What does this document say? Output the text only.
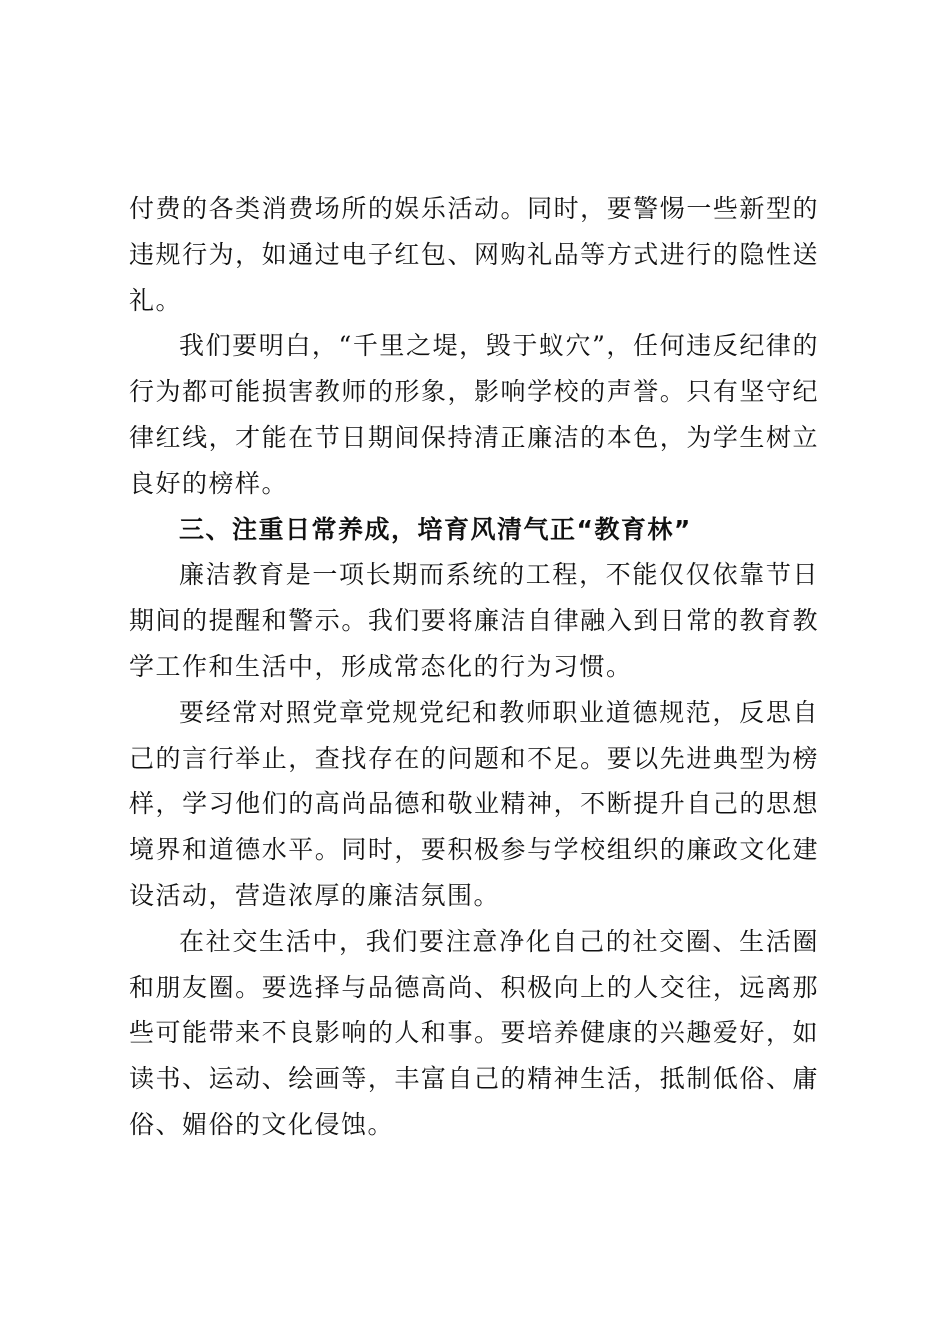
付费的各类消费场所的娱乐活动。同时，要警惕一些新型的违规行为，如通过电子红包、网购礼品等方式进行的隐性送礼。

我们要明白，“千里之堤，毁于蚁穴”，任何违反纪律的行为都可能损害教师的形象，影响学校的声誉。只有坚守纪律红线，才能在节日期间保持清正廉洁的本色，为学生树立良好的榜样。

三、注重日常养成，培育风清气正“教育林”

廉洁教育是一项长期而系统的工程，不能仅仅依靠节日期间的提醒和警示。我们要将廉洁自律融入到日常的教育教学工作和生活中，形成常态化的行为习惯。

要经常对照党章党规党纪和教师职业道德规范，反思自己的言行举止，查找存在的问题和不足。要以先进典型为榜样，学习他们的高尚品德和敬业精神，不断提升自己的思想境界和道德水平。同时，要积极参与学校组织的廉政文化建设活动，营造浓厚的廉洁氛围。

在社交生活中，我们要注意净化自己的社交圈、生活圈和朋友圈。要选择与品德高尚、积极向上的人交往，远离那些可能带来不良影响的人和事。要培养健康的兴趣爱好，如读书、运动、绘画等，丰富自己的精神生活，抵制低俗、庸俗、媚俗的文化侵蚀。
